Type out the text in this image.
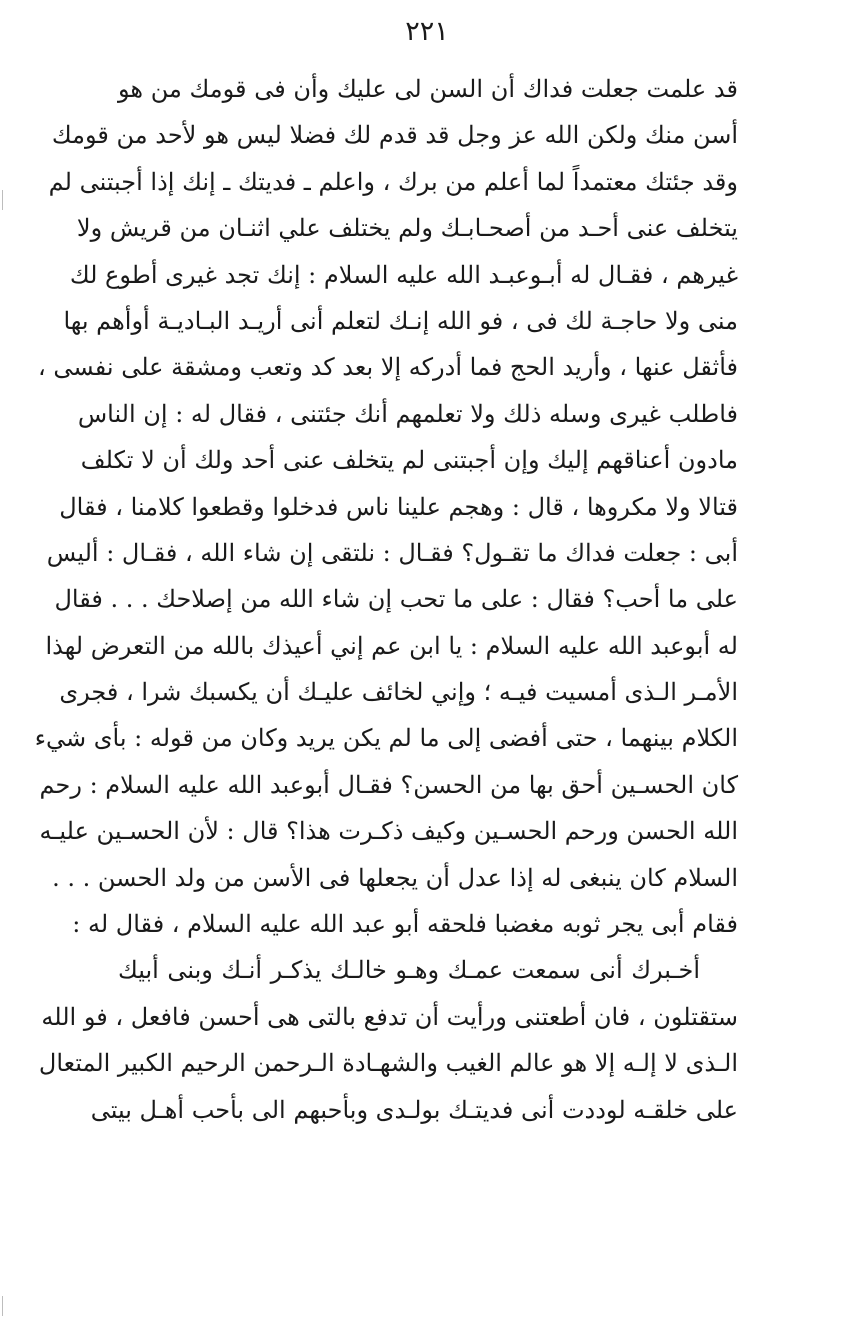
٢٢١
قد علمت جعلت فداك أن السن لى عليك وأن فى قومك من هو
أسن منك ولكن الله عز وجل قد قدم لك فضلا ليس هو لأحد من قومك
وقد جئتك معتمداً لما أعلم من برك ، واعلم ـ فديتك ـ إنك إذا أجبتنى لم
يتخلف عنى أحـد من أصحـابـك ولم يختلف علي اثنـان من قريش ولا
غيرهم ، فقـال له أبـوعبـد الله عليه السلام : إنك تجد غيرى أطوع لك
منى ولا حاجـة لك فى ، فو الله إنـك لتعلم أنى أريـد البـاديـة أوأهم بها
فأثقل عنها ، وأريد الحج فما أدركه إلا بعد كد وتعب ومشقة على نفسى ،
فاطلب غيرى وسله ذلك ولا تعلمهم أنك جئتنى ، فقال له : إن الناس
مادون أعناقهم إليك وإن أجبتنى لم يتخلف عنى أحد ولك أن لا تكلف
قتالا ولا مكروها ، قال : وهجم علينا ناس فدخلوا وقطعوا كلامنا ، فقال
أبى : جعلت فداك ما تقـول؟ فقـال : نلتقى إن شاء الله ، فقـال : أليس
على ما أحب؟ فقال : على ما تحب إن شاء الله من إصلاحك . . . فقال
له أبوعبد الله عليه السلام : يا ابن عم إني أعيذك بالله من التعرض لهذا
الأمـر الـذى أمسيت فيـه ؛ وإني لخائف عليـك أن يكسبك شرا ، فجرى
الكلام بينهما ، حتى أفضى إلى ما لم يكن يريد وكان من قوله : بأى شيء
كان الحسـين أحق بها من الحسن؟ فقـال أبوعبد الله عليه السلام : رحم
الله الحسن ورحم الحسـين وكيف ذكـرت هذا؟ قال : لأن الحسـين عليـه
السلام كان ينبغى له إذا عدل أن يجعلها فى الأسن من ولد الحسن . . .
فقام أبى يجر ثوبه مغضبا فلحقه أبو عبد الله عليه السلام ، فقال له :
أخـبرك أنى سمعت عمـك وهـو خالـك يذكـر أنـك وبنى أبيك
ستقتلون ، فان أطعتنى ورأيت أن تدفع بالتى هى أحسن فافعل ، فو الله
الـذى لا إلـه إلا هو عالم الغيب والشهـادة الـرحمن الرحيم الكبير المتعال
على خلقـه لوددت أنى فديتـك بولـدى وبأحبهم الى بأحب أهـل بيتى
